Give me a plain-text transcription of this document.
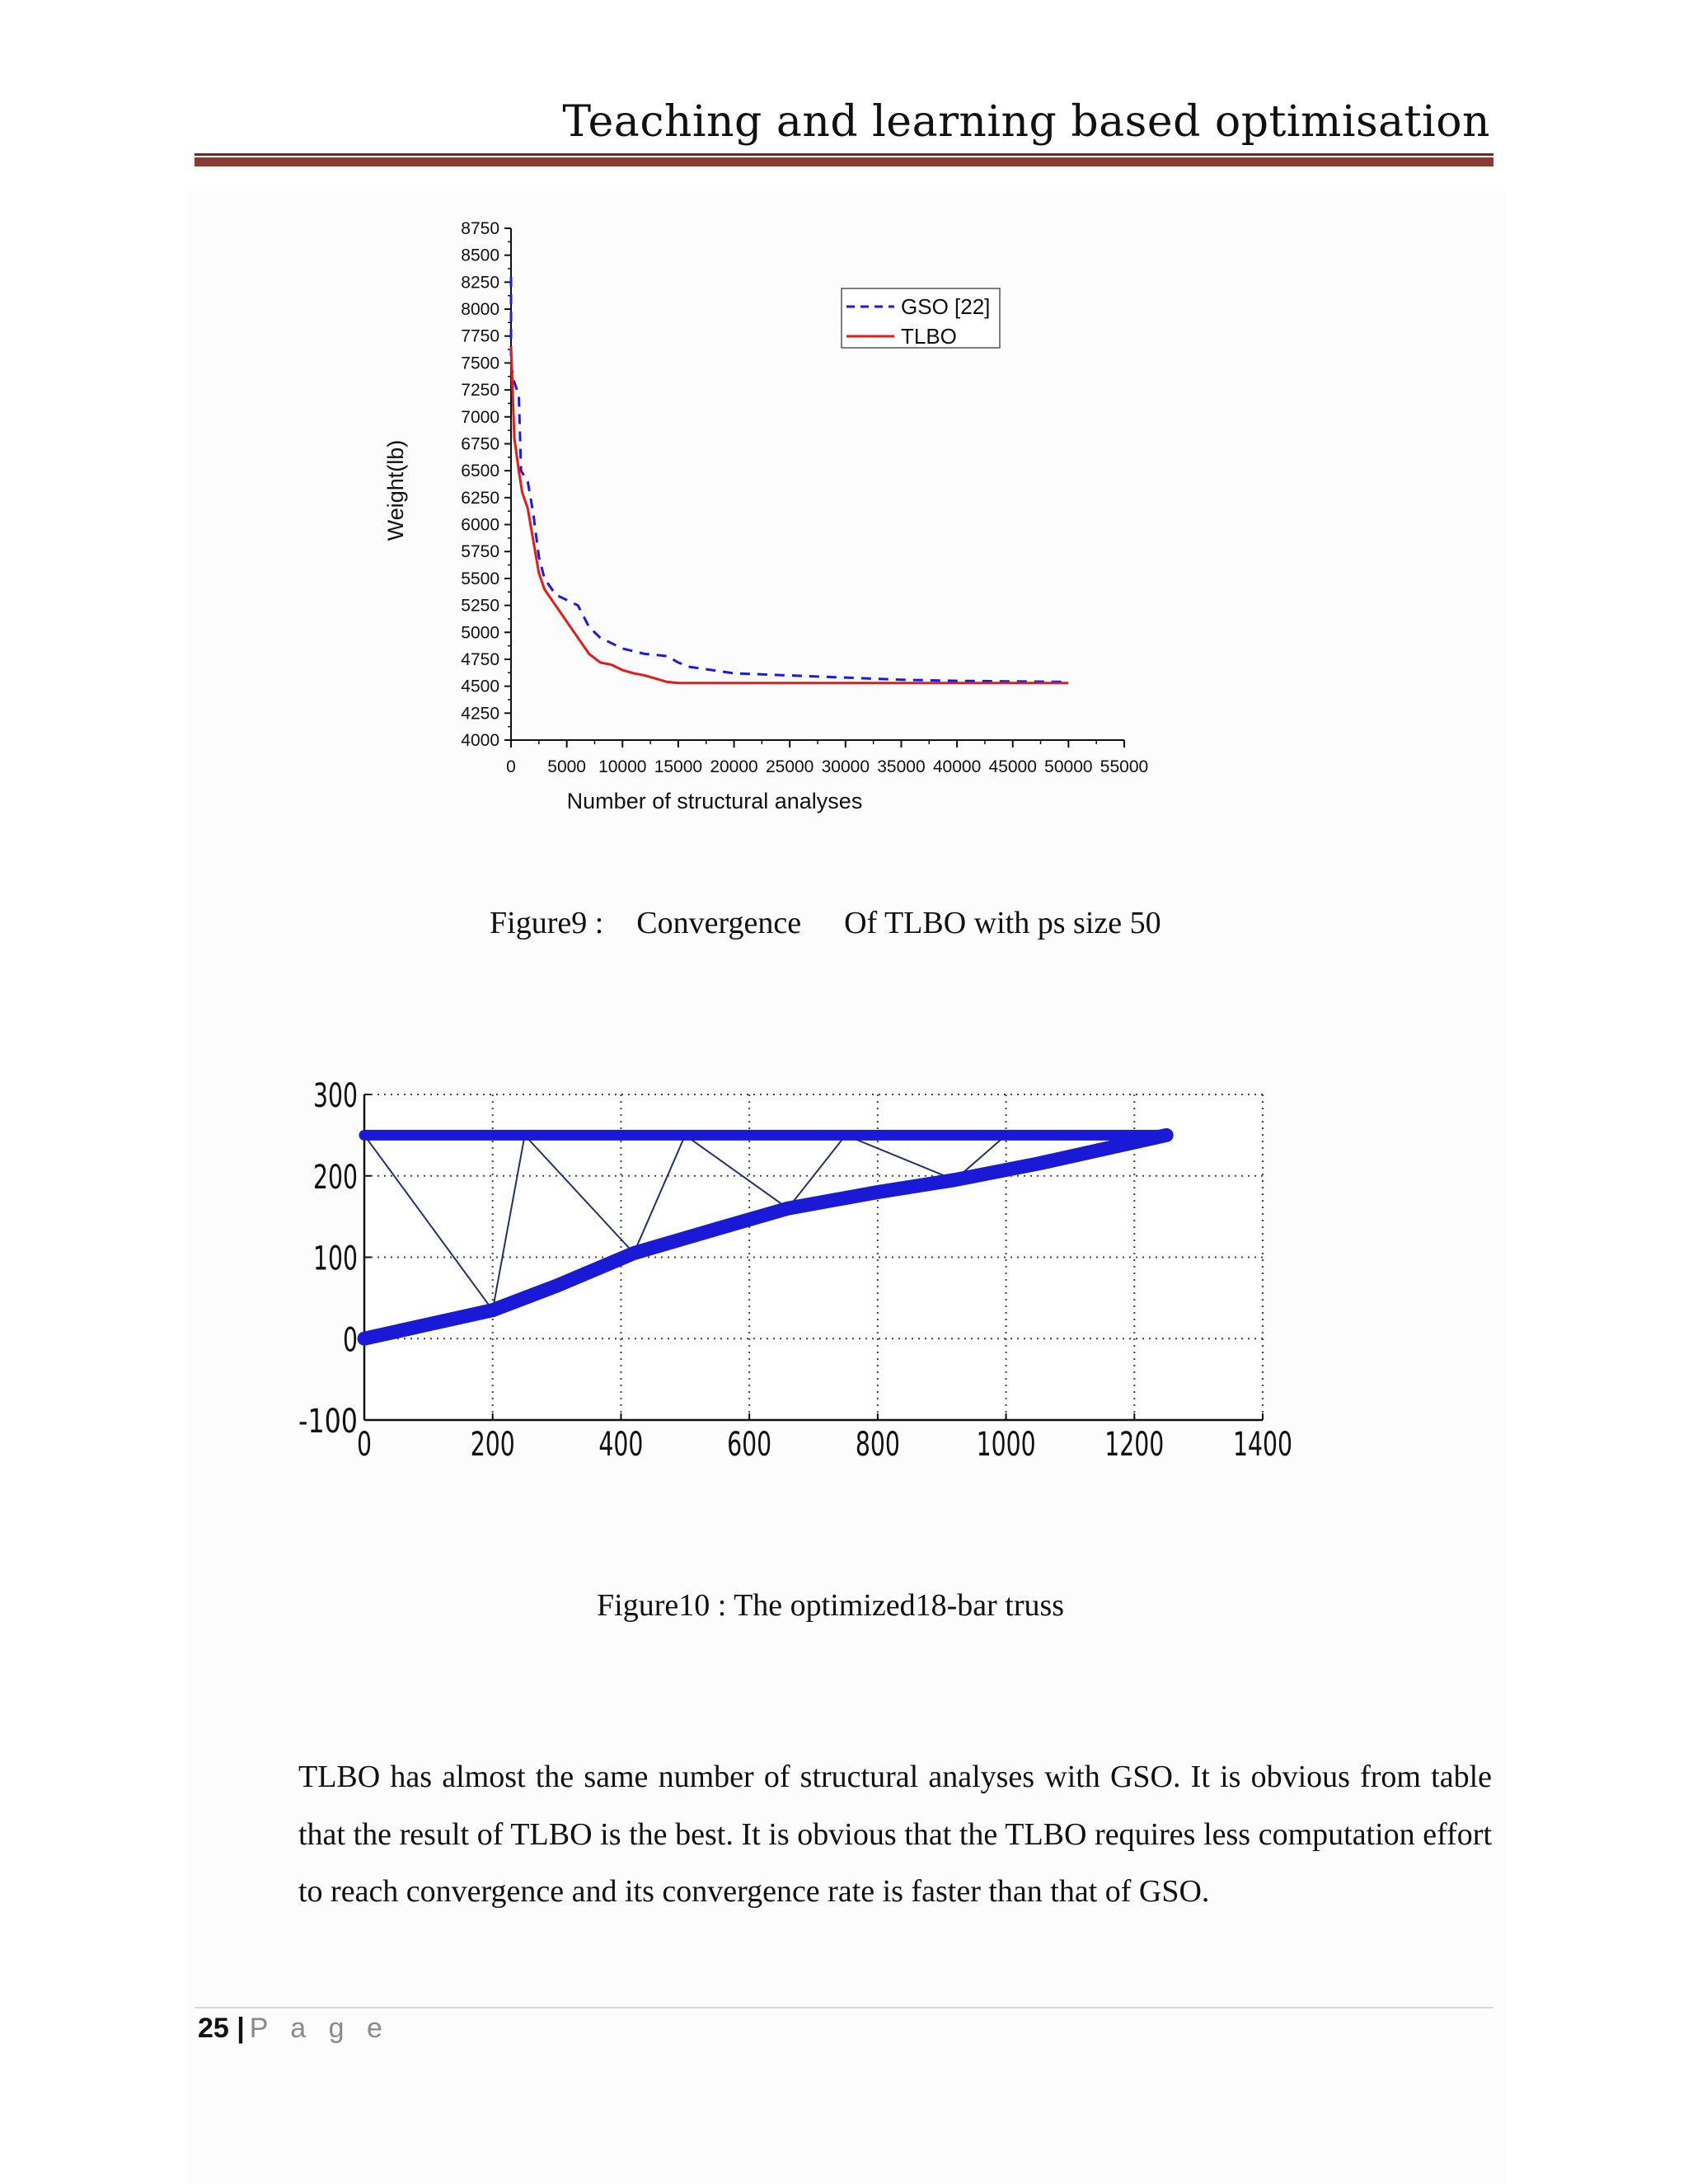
Teaching and learning based optimisation
4000
4250
4500
4750
5000
5250
5500
5750
6000
6250
6500
6750
7000
7250
7500
7750
8000
8250
8500
8750
0 5000 10000 15000 20000 25000 30000 35000 40000 45000 50000 55000
Number of structural analyses
Weight(lb)
GSO [22]
TLBO
Figure9 : Convergence Of TLBO with ps size 50
-100
0
100
200
300
0	200	400	600	800 1000 1200 1400
Figure10 : The optimized18-bar truss
TLBO has almost the same number of structural analyses with GSO. It is obvious from table that the result of TLBO is the best. It is obvious that the TLBO requires less computation effort to reach convergence and its convergence rate is faster than that of GSO.
25 | P a g e
